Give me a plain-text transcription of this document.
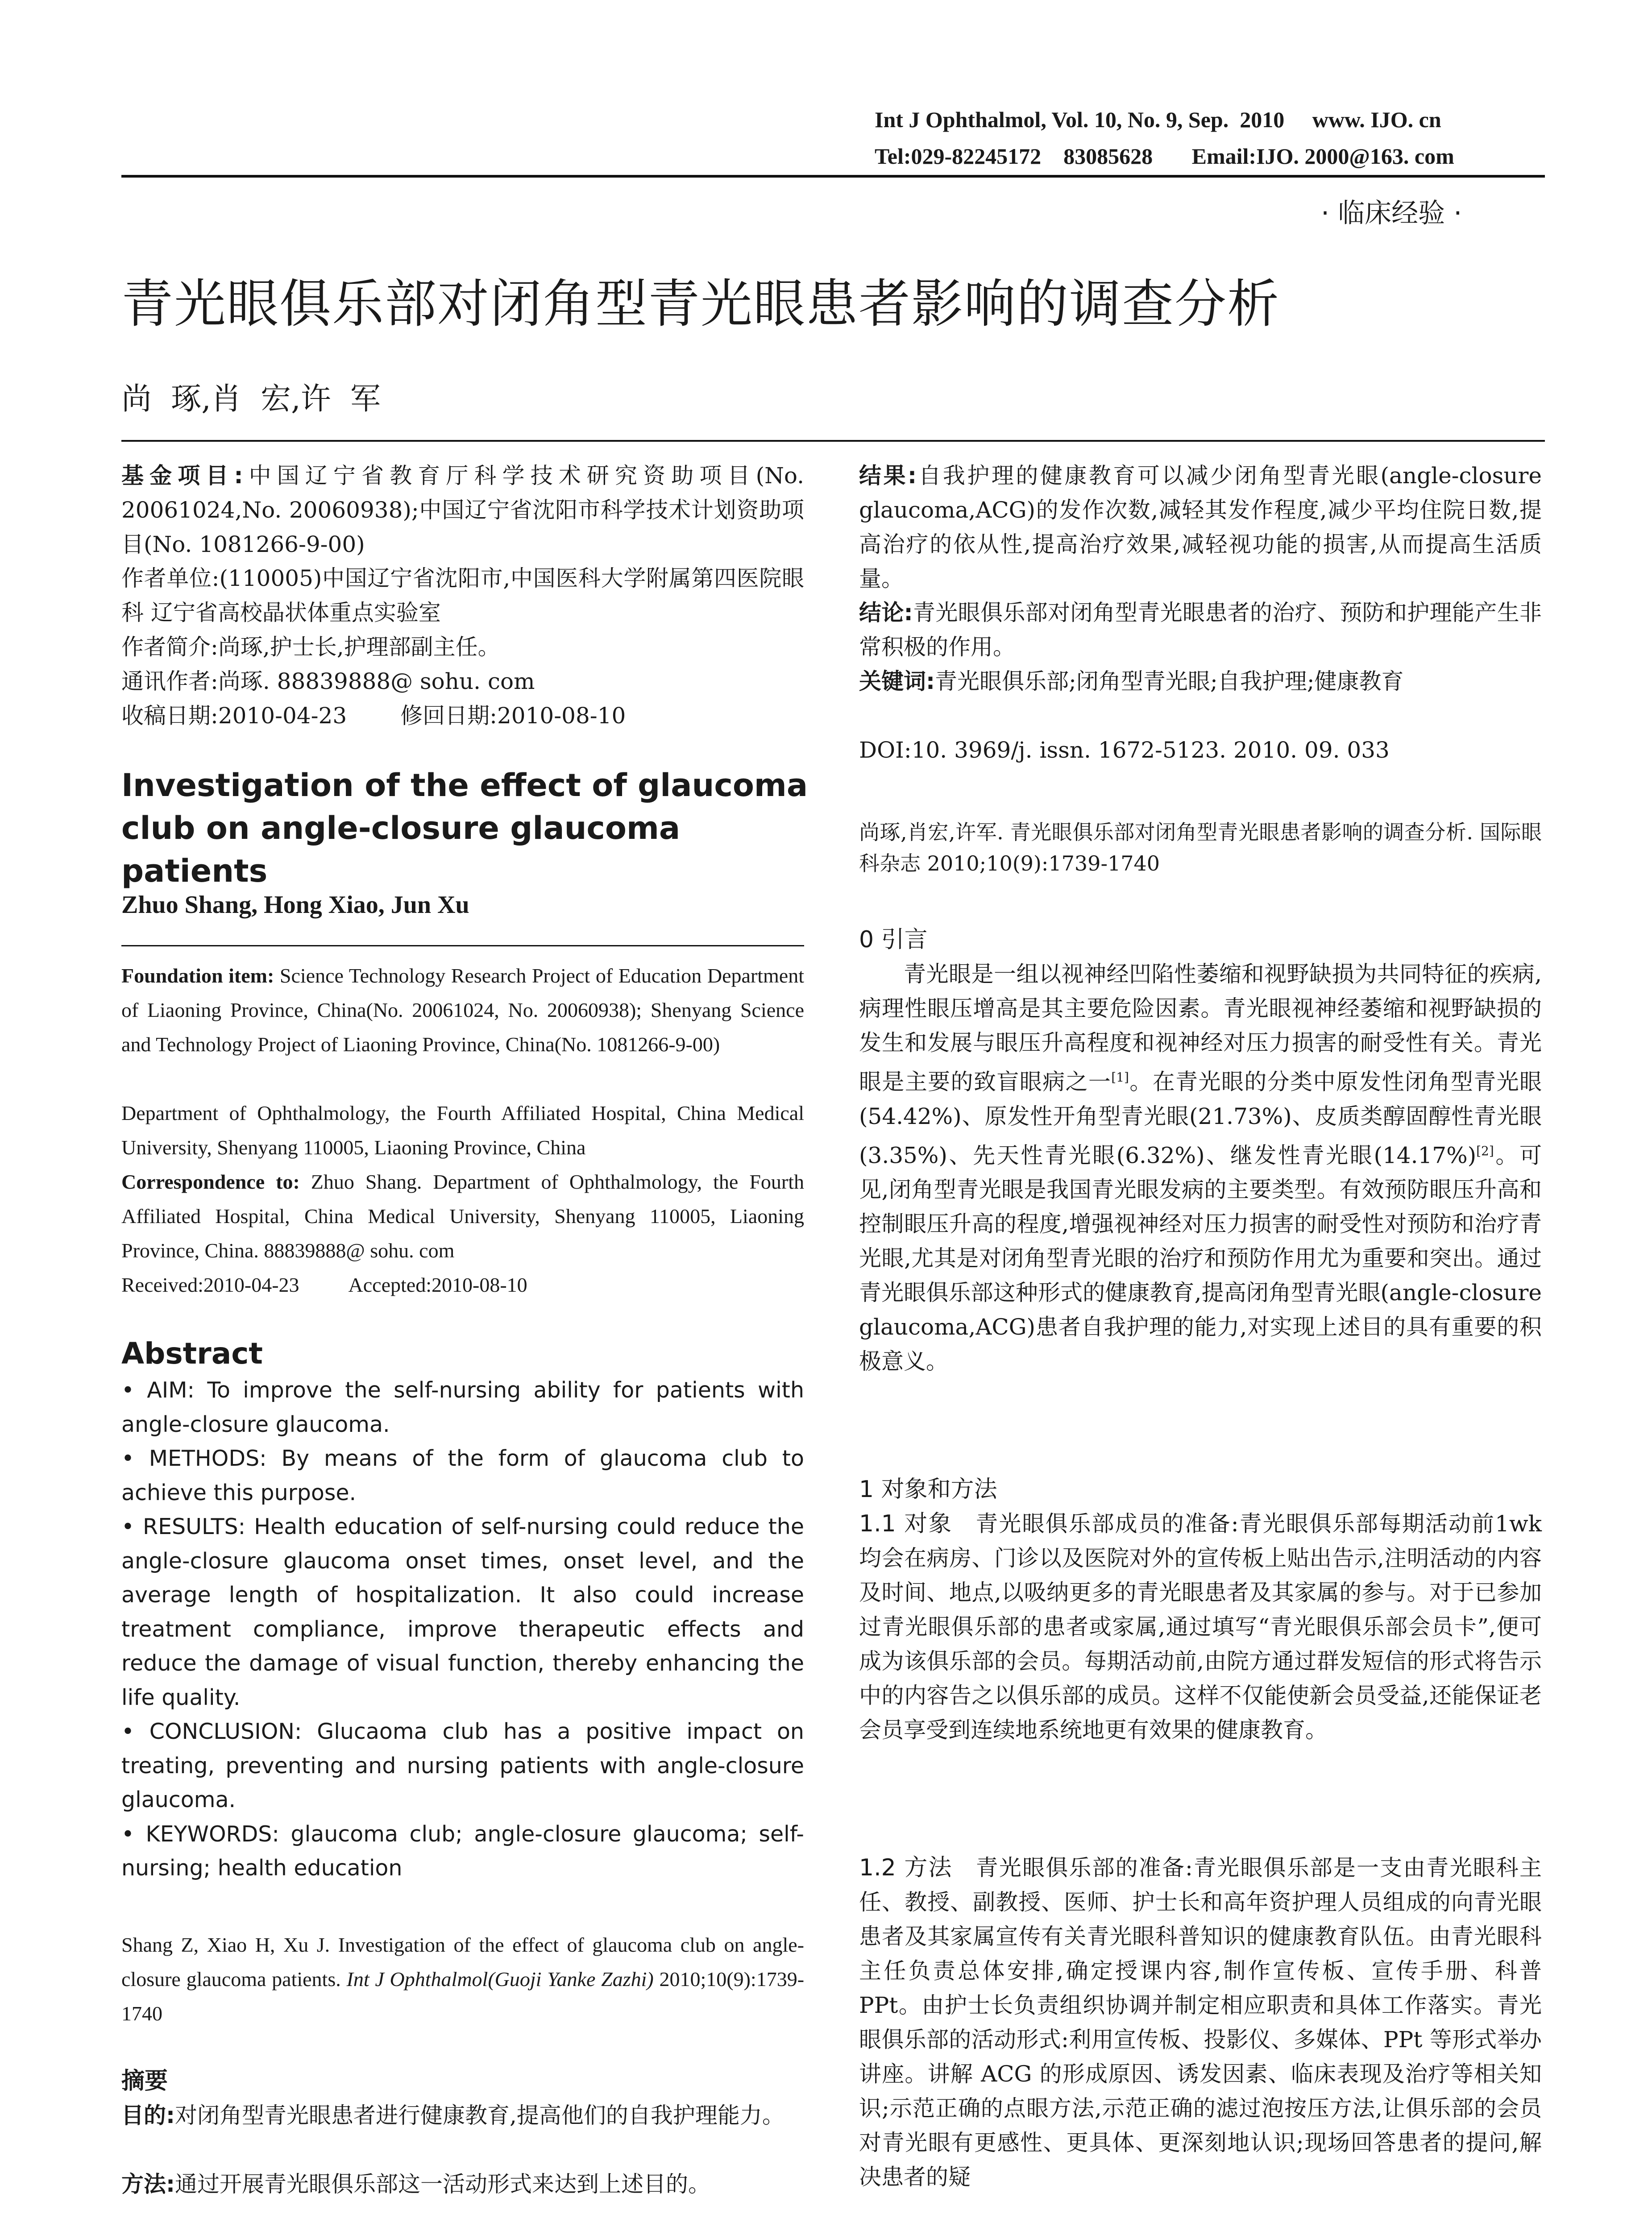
Int J Ophthalmol, Vol. 10, No. 9, Sep.  2010     www. IJO. cn
Tel:029-82245172    83085628       Email:IJO. 2000@163. com
· 临床经验 ·
青光眼俱乐部对闭角型青光眼患者影响的调查分析
尚  琢,肖  宏,许  军
基金项目:中国辽宁省教育厅科学技术研究资助项目(No. 20061024,No. 20060938);中国辽宁省沈阳市科学技术计划资助项目(No. 1081266-9-00)
作者单位:(110005)中国辽宁省沈阳市,中国医科大学附属第四医院眼科 辽宁省高校晶状体重点实验室
作者简介:尚琢,护士长,护理部副主任。
通讯作者:尚琢. 88839888@ sohu. com
收稿日期:2010-04-23 修回日期:2010-08-10
Investigation of the effect of glaucoma club on angle-closure glaucoma patients
Zhuo Shang, Hong Xiao, Jun Xu
Foundation item: Science Technology Research Project of Education Department of Liaoning Province, China(No. 20061024, No. 20060938); Shenyang Science and Technology Project of Liaoning Province, China(No. 1081266-9-00)
Department of Ophthalmology, the Fourth Affiliated Hospital, China Medical University, Shenyang 110005, Liaoning Province, China
Correspondence to: Zhuo Shang. Department of Ophthalmology, the Fourth Affiliated Hospital, China Medical University, Shenyang 110005, Liaoning Province, China. 88839888@ sohu. com
Received:2010-04-23 Accepted:2010-08-10
Abstract
• AIM: To improve the self-nursing ability for patients with angle-closure glaucoma.
• METHODS: By means of the form of glaucoma club to achieve this purpose.
• RESULTS: Health education of self-nursing could reduce the angle-closure glaucoma onset times, onset level, and the average length of hospitalization. It also could increase treatment compliance, improve therapeutic effects and reduce the damage of visual function, thereby enhancing the life quality.
• CONCLUSION: Glucaoma club has a positive impact on treating, preventing and nursing patients with angle-closure glaucoma.
• KEYWORDS: glaucoma club; angle-closure glaucoma; self-nursing; health education
Shang Z, Xiao H, Xu J. Investigation of the effect of glaucoma club on angle-closure glaucoma patients. Int J Ophthalmol(Guoji Yanke Zazhi) 2010;10(9):1739-1740
摘要
目的:对闭角型青光眼患者进行健康教育,提高他们的自我护理能力。
方法:通过开展青光眼俱乐部这一活动形式来达到上述目的。
结果:自我护理的健康教育可以减少闭角型青光眼(angle-closure glaucoma,ACG)的发作次数,减轻其发作程度,减少平均住院日数,提高治疗的依从性,提高治疗效果,减轻视功能的损害,从而提高生活质量。
结论:青光眼俱乐部对闭角型青光眼患者的治疗、预防和护理能产生非常积极的作用。
关键词:青光眼俱乐部;闭角型青光眼;自我护理;健康教育
DOI:10. 3969/j. issn. 1672-5123. 2010. 09. 033
尚琢,肖宏,许军. 青光眼俱乐部对闭角型青光眼患者影响的调查分析. 国际眼科杂志 2010;10(9):1739-1740
0 引言
青光眼是一组以视神经凹陷性萎缩和视野缺损为共同特征的疾病,病理性眼压增高是其主要危险因素。青光眼视神经萎缩和视野缺损的发生和发展与眼压升高程度和视神经对压力损害的耐受性有关。青光眼是主要的致盲眼病之一[1]。在青光眼的分类中原发性闭角型青光眼(54.42%)、原发性开角型青光眼(21.73%)、皮质类醇固醇性青光眼(3.35%)、先天性青光眼(6.32%)、继发性青光眼(14.17%)[2]。可见,闭角型青光眼是我国青光眼发病的主要类型。有效预防眼压升高和控制眼压升高的程度,增强视神经对压力损害的耐受性对预防和治疗青光眼,尤其是对闭角型青光眼的治疗和预防作用尤为重要和突出。通过青光眼俱乐部这种形式的健康教育,提高闭角型青光眼(angle-closure glaucoma,ACG)患者自我护理的能力,对实现上述目的具有重要的积极意义。
1 对象和方法
1.1 对象 青光眼俱乐部成员的准备:青光眼俱乐部每期活动前1wk 均会在病房、门诊以及医院对外的宣传板上贴出告示,注明活动的内容及时间、地点,以吸纳更多的青光眼患者及其家属的参与。对于已参加过青光眼俱乐部的患者或家属,通过填写“青光眼俱乐部会员卡”,便可成为该俱乐部的会员。每期活动前,由院方通过群发短信的形式将告示中的内容告之以俱乐部的成员。这样不仅能使新会员受益,还能保证老会员享受到连续地系统地更有效果的健康教育。
1.2 方法 青光眼俱乐部的准备:青光眼俱乐部是一支由青光眼科主任、教授、副教授、医师、护士长和高年资护理人员组成的向青光眼患者及其家属宣传有关青光眼科普知识的健康教育队伍。由青光眼科主任负责总体安排,确定授课内容,制作宣传板、宣传手册、科普 PPt。由护士长负责组织协调并制定相应职责和具体工作落实。青光眼俱乐部的活动形式:利用宣传板、投影仪、多媒体、PPt 等形式举办讲座。讲解 ACG 的形成原因、诱发因素、临床表现及治疗等相关知识;示范正确的点眼方法,示范正确的滤过泡按压方法,让俱乐部的会员对青光眼有更感性、更具体、更深刻地认识;现场回答患者的提问,解决患者的疑
